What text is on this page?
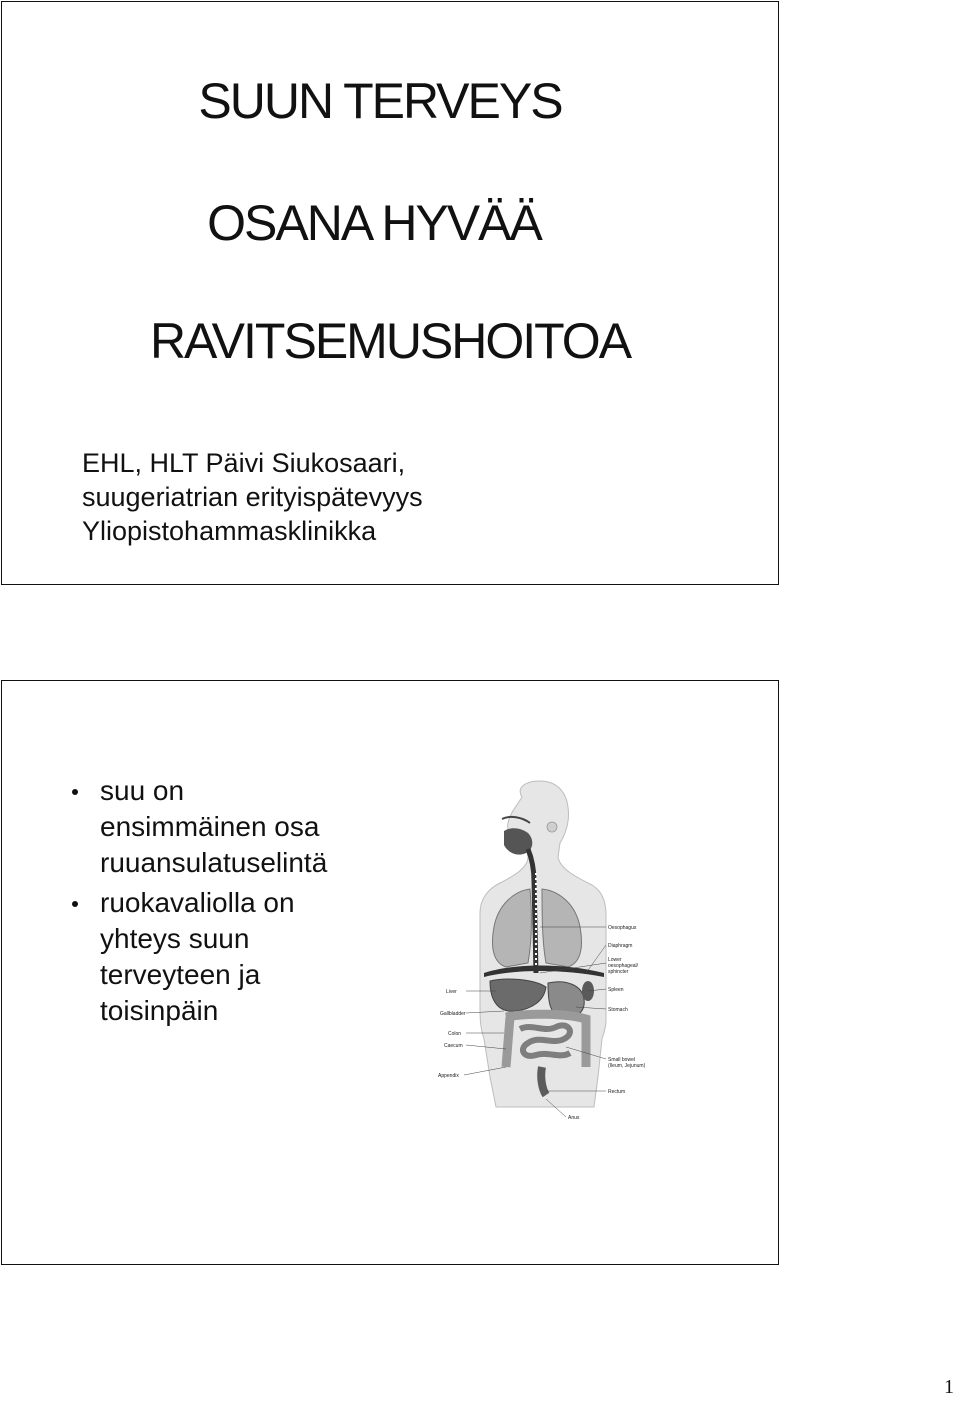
SUUN TERVEYS
OSANA HYVÄÄ
RAVITSEMUSHOITOA
EHL, HLT Päivi Siukosaari,
suugeriatrian erityispätevyys
Yliopistohammasklinikka
suu on
ensimmäinen osa
ruuansulatuselintä
ruokavaliolla on
yhteys suun
terveyteen ja
toisinpäin
Oesophagus
Diaphragm
Lower
oesophageal/
sphincter
Spleen
Stomach
Small bowel
(Ileum, Jejunum)
Rectum
Liver
Gallbladder
Colon
Caecum
Appendix
Anus
1
